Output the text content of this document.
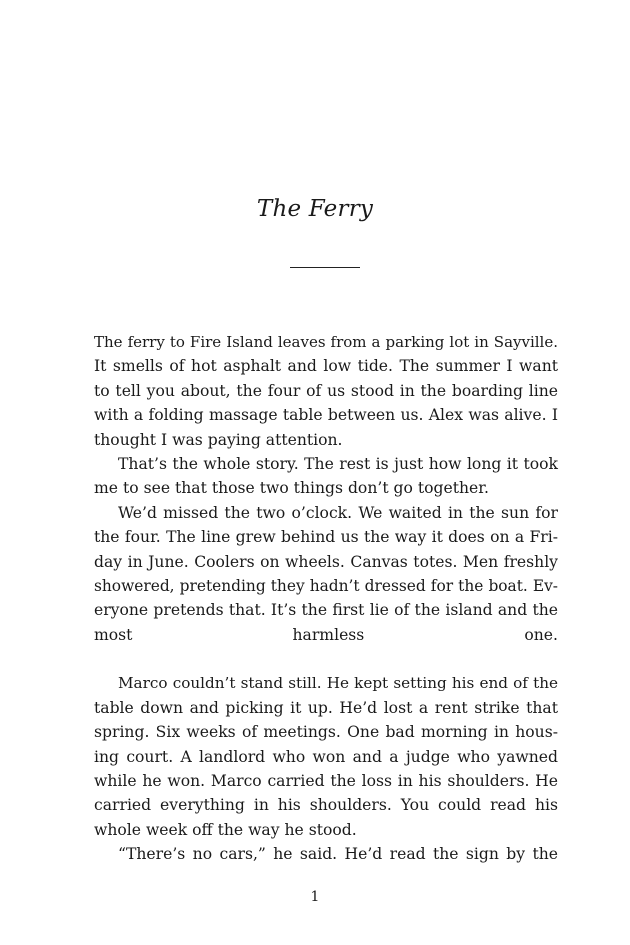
The Ferry

The ferry to Fire Island leaves from a parking lot in Sayville.

It smells of hot asphalt and low tide. The summer I want

to tell you about, the four of us stood in the boarding line

with a folding massage table between us. Alex was alive. I

thought I was paying attention.

That’s the whole story. The rest is just how long it took

me to see that those two things don’t go together.

We’d missed the two o’clock. We waited in the sun for

the four. The line grew behind us the way it does on a Fri-

day in June. Coolers on wheels. Canvas totes. Men freshly

showered, pretending they hadn’t dressed for the boat. Ev-

eryone pretends that. It’s the first lie of the island and the

most harmless one.

Marco couldn’t stand still. He kept setting his end of the

table down and picking it up. He’d lost a rent strike that

spring. Six weeks of meetings. One bad morning in hous-

ing court. A landlord who won and a judge who yawned

while he won. Marco carried the loss in his shoulders. He

carried everything in his shoulders. You could read his

whole week off the way he stood.

“There’s no cars,” he said. He’d read the sign by the

1
